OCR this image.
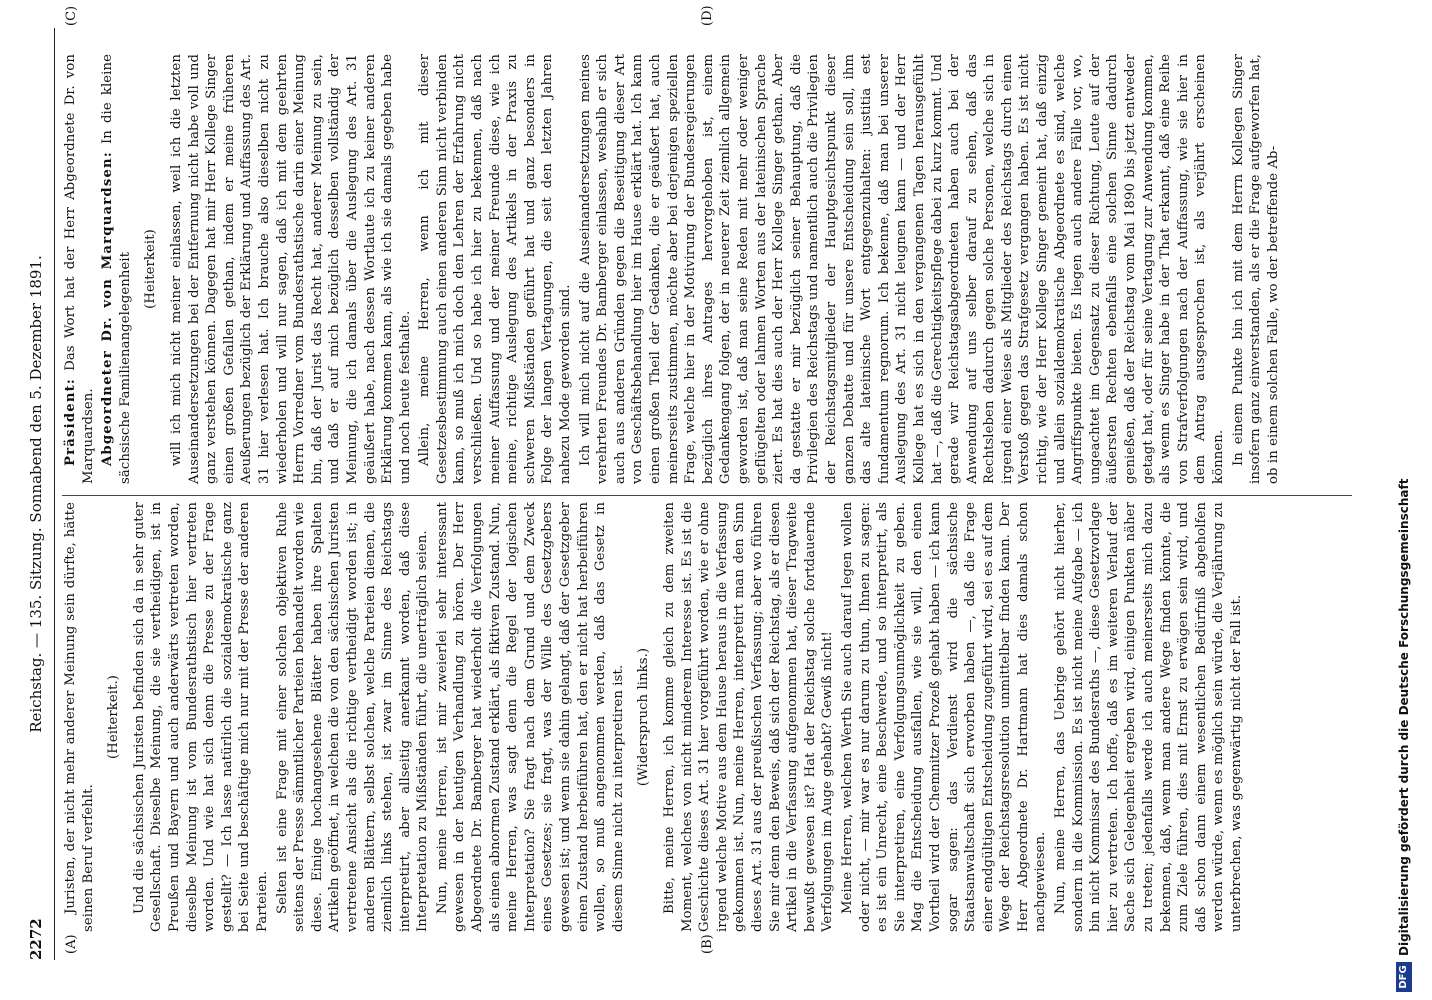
2272
Reichstag. — 135. Sitzung. Sonnabend den 5. Dezember 1891.
(A)	(B)
(C)	(D)

Juristen, der nicht mehr anderer Meinung sein dürfte, hätte seinen Beruf verfehlt.

(Heiterkeit.) Und die sächsischen Juristen befinden sich da in sehr guter Gesellschaft. Dieselbe Meinung, die sie vertheidigen, ist in Preußen und Bayern und auch anderwärts vertreten worden, dieselbe Meinung ist vom Bundesrathstisch hier vertreten worden. Und wie hat sich denn die Presse zu der Frage gestellt? — Ich lasse natürlich die sozialdemokratische ganz bei Seite und beschäftige mich nur mit der Presse der anderen Parteien. Selten ist eine Frage mit einer solchen objektiven Ruhe seitens der Presse sämmtlicher Parteien behandelt worden wie diese. Einige hochangesehene Blätter haben ihre Spalten Artikeln geöffnet, in welchen die von den sächsischen Juristen vertretene Ansicht als die richtige vertheidigt worden ist; in anderen Blättern, selbst solchen, welche Parteien dienen, die ziemlich links stehen, ist zwar im Sinne des Reichstags interpretirt, aber allseitig anerkannt worden, daß diese Interpretation zu Mißständen führt, die unerträglich seien. Nun, meine Herren, ist mir zweierlei sehr interessant gewesen in der heutigen Verhandlung zu hören. Der Herr Abgeordnete Dr. Bamberger hat wiederholt die Verfolgungen als einen abnormen Zustand erklärt, als fiktiven Zustand. Nun, meine Herren, was sagt denn die Regel der logischen Interpretation? Sie fragt nach dem Grund und dem Zweck eines Gesetzes; sie fragt, was der Wille des Gesetzgebers gewesen ist; und wenn sie dahin gelangt, daß der Gesetzgeber einen Zustand herbeiführen hat, den er nicht hat herbeiführen wollen, so muß angenommen werden, daß das Gesetz in diesem Sinne nicht zu interpretiren ist. (Widerspruch links.) Bitte, meine Herren, ich komme gleich zu dem zweiten Moment, welches von nicht minderem Interesse ist. Es ist die Geschichte dieses Art. 31 hier vorgeführt worden, wie er ohne irgend welche Motive aus dem Hause heraus in die Verfassung gekommen ist. Nun, meine Herren, interpretirt man den Sinn dieses Art. 31 aus der preußischen Verfassung; aber wo führen Sie mir denn den Beweis, daß sich der Reichstag, als er diesen Artikel in die Verfassung aufgenommen hat, dieser Tragweite bewußt gewesen ist? Hat der Reichstag solche fortdauernde Verfolgungen im Auge gehabt? Gewiß nicht! Meine Herren, welchen Werth Sie auch darauf legen wollen oder nicht, — mir war es nur darum zu thun, Ihnen zu sagen: es ist ein Unrecht, eine Beschwerde, und so interpretirt, als Sie interpretiren, eine Verfolgungsunmöglichkeit zu geben. Mag die Entscheidung ausfallen, wie sie will, den einen Vortheil wird der Chemnitzer Prozeß gehabt haben — ich kann sogar sagen: das Verdienst wird die sächsische Staatsanwaltschaft sich erworben haben —, daß die Frage einer endgültigen Entscheidung zugeführt wird, sei es auf dem Wege der Reichstagsresolution unmittelbar finden kann. Der Herr Abgeordnete Dr. Hartmann hat dies damals schon nachgewiesen. Nun, meine Herren, das Uebrige gehört nicht hierher, sondern in die Kommission. Es ist nicht meine Aufgabe — ich bin nicht Kommissar des Bundesraths —, diese Gesetzvorlage hier zu vertreten. Ich hoffe, daß es im weiteren Verlauf der Sache sich Gelegenheit ergeben wird, einigen Punkten näher zu treten; jedenfalls werde ich auch meinerseits mich dazu bekennen, daß, wenn man andere Wege finden könnte, die zum Ziele führen, dies mit Ernst zu erwägen sein wird, und daß schon dann einem wesentlichen Bedürfniß abgeholfen werden würde, wenn es möglich sein würde, die Verjährung zu unterbrechen, was gegenwärtig nicht der Fall ist.

Präsident: Das Wort hat der Herr Abgeordnete Dr. von Marquardsen. Abgeordneter Dr. von Marquardsen: In die kleine sächsische Familienangelegenheit (Heiterkeit) will ich mich nicht meiner einlassen, weil ich die letzten Auseinandersetzungen bei der Entfernung nicht habe voll und ganz verstehen können. Dagegen hat mir Herr Kollege Singer einen großen Gefallen gethan, indem er meine früheren Aeußerungen bezüglich der Erklärung und Auffassung des Art. 31 hier verlesen hat. Ich brauche also dieselben nicht zu wiederholen und will nur sagen, daß ich mit dem geehrten Herrn Vorredner vom Bundesrathstische darin einer Meinung bin, daß der Jurist das Recht hat, anderer Meinung zu sein, und daß er auf mich bezüglich desselben vollständig der Meinung, die ich damals über die Auslegung des Art. 31 geäußert habe, nach dessen Wortlaute ich zu keiner anderen Erklärung kommen kann, als wie ich sie damals gegeben habe und noch heute festhalte. Allein, meine Herren, wenn ich mit dieser Gesetzesbestimmung auch einen anderen Sinn nicht verbinden kann, so muß ich mich doch den Lehren der Erfahrung nicht verschließen. Und so habe ich hier zu bekennen, daß nach meiner Auffassung und der meiner Freunde diese, wie ich meine, richtige Auslegung des Artikels in der Praxis zu schweren Mißständen geführt hat und ganz besonders in Folge der langen Vertagungen, die seit den letzten Jahren nahezu Mode geworden sind. Ich will mich nicht auf die Auseinandersetzungen meines verehrten Freundes Dr. Bamberger einlassen, weshalb er sich auch aus anderen Gründen gegen die Beseitigung dieser Art von Geschäftsbehandlung hier im Hause erklärt hat. Ich kann einen großen Theil der Gedanken, die er geäußert hat, auch meinerseits zustimmen, möchte aber bei derjenigen speziellen Frage, welche hier in der Motivirung der Bundesregierungen bezüglich ihres Antrages hervorgehoben ist, einem Gedankengang folgen, der in neuerer Zeit ziemlich allgemein geworden ist, daß man seine Reden mit mehr oder weniger geflügelten oder lahmen Worten aus der lateinischen Sprache ziert. Es hat dies auch der Herr Kollege Singer gethan. Aber da gestatte er mir bezüglich seiner Behauptung, daß die Privilegien des Reichstags und namentlich auch die Privilegien der Reichstagsmitglieder der Hauptgesichtspunkt dieser ganzen Debatte und für unsere Entscheidung sein soll, ihm das alte lateinische Wort entgegenzuhalten: justitia est fundamentum regnorum. Ich bekenne, daß man bei unserer Auslegung des Art. 31 nicht leugnen kann — und der Herr Kollege hat es sich in den vergangenen Tagen herausgefühlt hat —, daß die Gerechtigkeitspflege dabei zu kurz kommt. Und gerade wir Reichstagsabgeordneten haben auch bei der Anwendung auf uns selber darauf zu sehen, daß das Rechtsleben dadurch gegen solche Personen, welche sich in irgend einer Weise als Mitglieder des Reichstags durch einen Verstoß gegen das Strafgesetz vergangen haben. Es ist nicht richtig, wie der Herr Kollege Singer gemeint hat, daß einzig und allein sozialdemokratische Abgeordnete es sind, welche Angriffspunkte bieten. Es liegen auch andere Fälle vor, wo, ungeachtet im Gegensatz zu dieser Richtung, Leute auf der äußersten Rechten ebenfalls eine solchen Sinne dadurch genießen, daß der Reichstag vom Mai 1890 bis jetzt entweder getagt hat, oder für seine Vertagung zur Anwendung kommen, als wenn es Singer habe in der That erkannt, daß eine Reihe von Strafverfolgungen nach der Auffassung, wie sie hier in dem Antrag ausgesprochen ist, als verjährt erscheinen können. In einem Punkte bin ich mit dem Herrn Kollegen Singer insofern ganz einverstanden, als er die Frage aufgeworfen hat, ob in einem solchen Falle, wo der betreffende Ab-

DFG
Digitalisierung gefördert durch die Deutsche Forschungsgemeinschaft
